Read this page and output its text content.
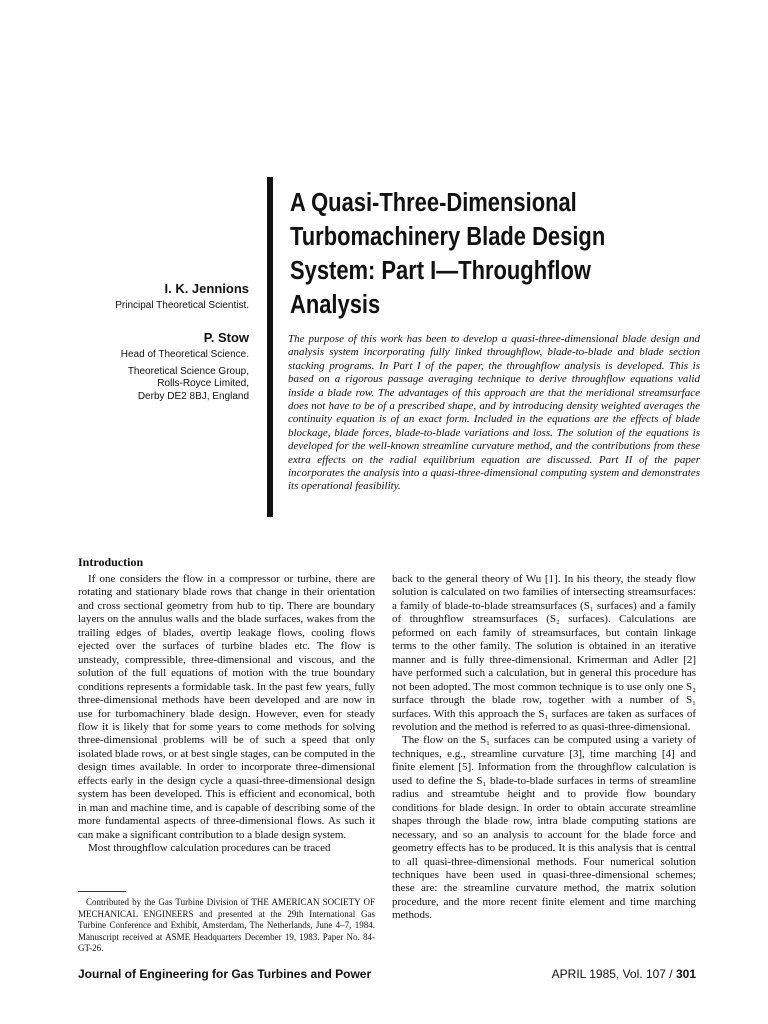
A Quasi-Three-Dimensional
Turbomachinery Blade Design
System: Part I—Throughflow
Analysis
I. K. Jennions
Principal Theoretical Scientist.
P. Stow
Head of Theoretical Science.
Theoretical Science Group,
Rolls-Royce Limited,
Derby DE2 8BJ, England

The purpose of this work has been to develop a quasi-three-dimensional blade design and analysis system incorporating fully linked throughflow, blade-to-blade and blade section stacking programs. In Part I of the paper, the throughflow analysis is developed. This is based on a rigorous passage averaging technique to derive throughflow equations valid inside a blade row. The advantages of this approach are that the meridional streamsurface does not have to be of a prescribed shape, and by introducing density weighted averages the continuity equation is of an exact form. Included in the equations are the effects of blade blockage, blade forces, blade-to-blade variations and loss. The solution of the equations is developed for the well-known streamline curvature method, and the contributions from these extra effects on the radial equilibrium equation are discussed. Part II of the paper incorporates the analysis into a quasi-three-dimensional computing system and demonstrates its operational feasibility.

Introduction

If one considers the flow in a compressor or turbine, there are rotating and stationary blade rows that change in their orientation and cross sectional geometry from hub to tip. There are boundary layers on the annulus walls and the blade surfaces, wakes from the trailing edges of blades, overtip leakage flows, cooling flows ejected over the surfaces of turbine blades etc. The flow is unsteady, compressible, three-dimensional and viscous, and the solution of the full equations of motion with the true boundary conditions represents a formidable task. In the past few years, fully three-dimensional methods have been developed and are now in use for turbomachinery blade design. However, even for steady flow it is likely that for some years to come methods for solving three-dimensional problems will be of such a speed that only isolated blade rows, or at best single stages, can be computed in the design times available. In order to incorporate three-dimensional effects early in the design cycle a quasi-three-dimensional design system has been developed. This is efficient and economical, both in man and machine time, and is capable of describing some of the more fundamental aspects of three-dimensional flows. As such it can make a significant contribution to a blade design system.

Most throughflow calculation procedures can be traced

back to the general theory of Wu [1]. In his theory, the steady flow solution is calculated on two families of intersecting streamsurfaces: a family of blade-to-blade streamsurfaces (S₁ surfaces) and a family of throughflow streamsurfaces (S₂ surfaces). Calculations are peformed on each family of streamsurfaces, but contain linkage terms to the other family. The solution is obtained in an iterative manner and is fully three-dimensional. Krimerman and Adler [2] have performed such a calculation, but in general this procedure has not been adopted. The most common technique is to use only one S₂ surface through the blade row, together with a number of S₁ surfaces. With this approach the S₁ surfaces are taken as surfaces of revolution and the method is referred to as quasi-three-dimensional.

The flow on the S₁ surfaces can be computed using a variety of techniques, e.g., streamline curvature [3], time marching [4] and finite element [5]. Information from the throughflow calculation is used to define the S₁ blade-to-blade surfaces in terms of streamline radius and streamtube height and to provide flow boundary conditions for blade design. In order to obtain accurate streamline shapes through the blade row, intra blade computing stations are necessary, and so an analysis to account for the blade force and geometry effects has to be produced. It is this analysis that is central to all quasi-three-dimensional methods. Four numerical solution techniques have been used in quasi-three-dimensional schemes; these are: the streamline curvature method, the matrix solution procedure, and the more recent finite element and time marching methods.

Contributed by the Gas Turbine Division of THE AMERICAN SOCIETY OF MECHANICAL ENGINEERS and presented at the 29th International Gas Turbine Conference and Exhibit, Amsterdam, The Netherlands, June 4–7, 1984. Manuscript received at ASME Headquarters December 19, 1983. Paper No. 84-GT-26.

Journal of Engineering for Gas Turbines and Power	APRIL 1985, Vol. 107 / 301
